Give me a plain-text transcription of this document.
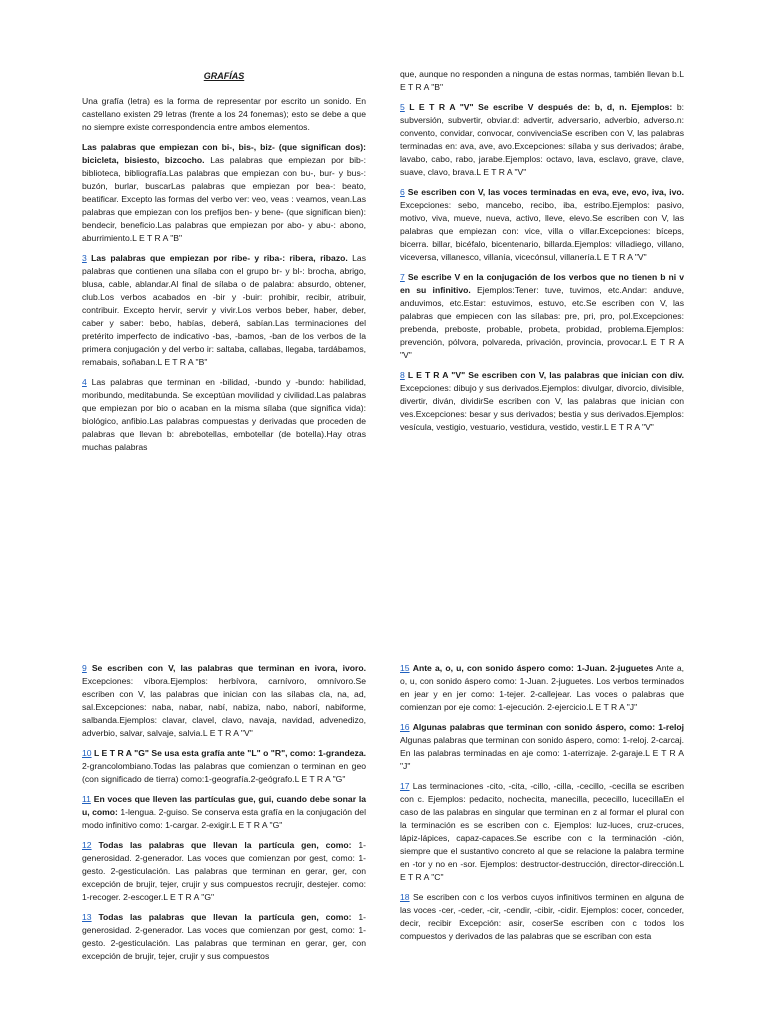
GRAFÍAS

Una grafía (letra) es la forma de representar por escrito un sonido. En castellano existen 29 letras (frente a los 24 fonemas); esto se debe a que no siempre existe correspondencia entre ambos elementos.

Las palabras que empiezan con bi-, bis-, biz- (que significan dos): bicicleta, bisiesto, bizcocho. Las palabras que empiezan por bib-: biblioteca, bibliografía.Las palabras que empiezan con bu-, bur- y bus-: buzón, burlar, buscarLas palabras que empiezan por bea-: beato, beatificar. Excepto las formas del verbo ver: veo, veas : veamos, vean.Las palabras que empiezan con los prefijos ben- y bene- (que significan bien): bendecir, beneficio.Las palabras que empiezan por abo- y abu-: abono, aburrimiento.L E T R A "B"

3 Las palabras que empiezan por ribe- y riba-: ribera, ribazo. Las palabras que contienen una sílaba con el grupo br- y bl-: brocha, abrigo, blusa, cable, ablandar.Al final de sílaba o de palabra: absurdo, obtener, club.Los verbos acabados en -bir y -buir: prohibir, recibir, atribuir, contribuir. Excepto hervir, servir y vivir.Los verbos beber, haber, deber, caber y saber: bebo, habías, deberá, sabían.Las terminaciones del pretérito imperfecto de indicativo -bas, -bamos, -ban de los verbos de la primera conjugación y del verbo ir: saltaba, callabas, llegaba, tardábamos, remabais, soñaban.L E T R A "B"

4 Las palabras que terminan en -bilidad, -bundo y -bundo: habilidad, moribundo, meditabunda. Se exceptúan movilidad y civilidad.Las palabras que empiezan por bio o acaban en la misma sílaba (que significa vida): biológico, anfibio.Las palabras compuestas y derivadas que proceden de palabras que llevan b: abrebotellas, embotellar (de botella).Hay otras muchas palabras

que, aunque no responden a ninguna de estas normas, también llevan b.L E T R A "B"

5 L E T R A "V" Se escribe V después de: b, d, n. Ejemplos: b: subversión, subvertir, obviar.d: advertir, adversario, adverbio, adverso.n: convento, convidar, convocar, convivenciaSe escriben con V, las palabras terminadas en: ava, ave, avo.Excepciones: sílaba y sus derivados; árabe, lavabo, cabo, rabo, jarabe.Ejemplos: octavo, lava, esclavo, grave, clave, suave, clavo, brava.L E T R A "V"

6 Se escriben con V, las voces terminadas en eva, eve, evo, iva, ivo. Excepciones: sebo, mancebo, recibo, iba, estribo.Ejemplos: pasivo, motivo, viva, mueve, nueva, activo, lleve, elevo.Se escriben con V, las palabras que empiezan con: vice, villa o villar.Excepciones: bíceps, bicerra. billar, bicéfalo, bicentenario, billarda.Ejemplos: villadiego, villano, viceversa, villanesco, villanía, vicecónsul, villanería.L E T R A "V"

7 Se escribe V en la conjugación de los verbos que no tienen b ni v en su infinitivo. Ejemplos:Tener: tuve, tuvimos, etc.Andar: anduve, anduvimos, etc.Estar: estuvimos, estuvo, etc.Se escriben con V, las palabras que empiecen con las sílabas: pre, pri, pro, pol.Excepciones: prebenda, preboste, probable, probeta, probidad, problema.Ejemplos: prevención, pólvora, polvareda, privación, provincia, provocar.L E T R A "V"

8 L E T R A "V" Se escriben con V, las palabras que inician con div. Excepciones: dibujo y sus derivados.Ejemplos: divulgar, divorcio, divisible, divertir, diván, dividirSe escriben con V, las palabras que inician con ves.Excepciones: besar y sus derivados; bestia y sus derivados.Ejemplos: vesícula, vestigio, vestuario, vestidura, vestido, vestir.L E T R A "V"

9 Se escriben con V, las palabras que terminan en ivora, ivoro. Excepciones: víbora.Ejemplos: herbívora, carnívoro, omnívoro.Se escriben con V, las palabras que inician con las sílabas cla, na, ad, sal.Excepciones: naba, nabar, nabí, nabiza, nabo, naborí, nabiforme, salbanda.Ejemplos: clavar, clavel, clavo, navaja, navidad, advenedizo, adverbio, salvar, salvaje, salvia.L E T R A "V"

10 L E T R A "G" Se usa esta grafía ante "L" o "R", como: 1-grandeza. 2-grancolombiano.Todas las palabras que comienzan o terminan en geo (con significado de tierra) como:1-geografía.2-geógrafo.L E T R A "G"

11 En voces que lleven las partículas gue, gui, cuando debe sonar la u, como: 1-lengua. 2-guiso. Se conserva esta grafía en la conjugación del modo infinitivo como: 1-cargar. 2-exigir.L E T R A "G"

12 Todas las palabras que llevan la partícula gen, como: 1-generosidad. 2-generador. Las voces que comienzan por gest, como: 1-gesto. 2-gesticulación. Las palabras que terminan en gerar, ger, con excepción de brujir, tejer, crujir y sus compuestos recrujir, destejer. como: 1-recoger. 2-escoger.L E T R A "G"

13 Todas las palabras que llevan la partícula gen, como: 1-generosidad. 2-generador. Las voces que comienzan por gest, como: 1-gesto. 2-gesticulación. Las palabras que terminan en gerar, ger, con excepción de brujir, tejer, crujir y sus compuestos

15 Ante a, o, u, con sonido áspero como: 1-Juan. 2-juguetes Ante a, o, u, con sonido áspero como: 1-Juan. 2-juguetes. Los verbos terminados en jear y en jer como: 1-tejer. 2-callejear. Las voces o palabras que comienzan por eje como: 1-ejecución. 2-ejercicio.L E T R A "J"

16 Algunas palabras que terminan con sonido áspero, como: 1-reloj Algunas palabras que terminan con sonido áspero, como: 1-reloj. 2-carcaj. En las palabras terminadas en aje como: 1-aterrizaje. 2-garaje.L E T R A "J"

17 Las terminaciones -cito, -cita, -cillo, -cilla, -cecillo, -cecilla se escriben con c. Ejemplos: pedacito, nochecita, manecilla, pececillo, lucecillaEn el caso de las palabras en singular que terminan en z al formar el plural con la terminación es se escriben con c. Ejemplos: luz-luces, cruz-cruces, lápiz-lápices, capaz-capaces.Se escribe con c la terminación -ción, siempre que el sustantivo concreto al que se relacione la palabra termine en -tor y no en -sor. Ejemplos: destructor-destrucción, director-dirección.L E T R A "C"

18 Se escriben con c los verbos cuyos infinitivos terminen en alguna de las voces -cer, -ceder, -cir, -cendir, -cibir, -cidir. Ejemplos: cocer, conceder, decir, recibir Excepción: asir, coserSe escriben con c todos los compuestos y derivados de las palabras que se escriban con esta
